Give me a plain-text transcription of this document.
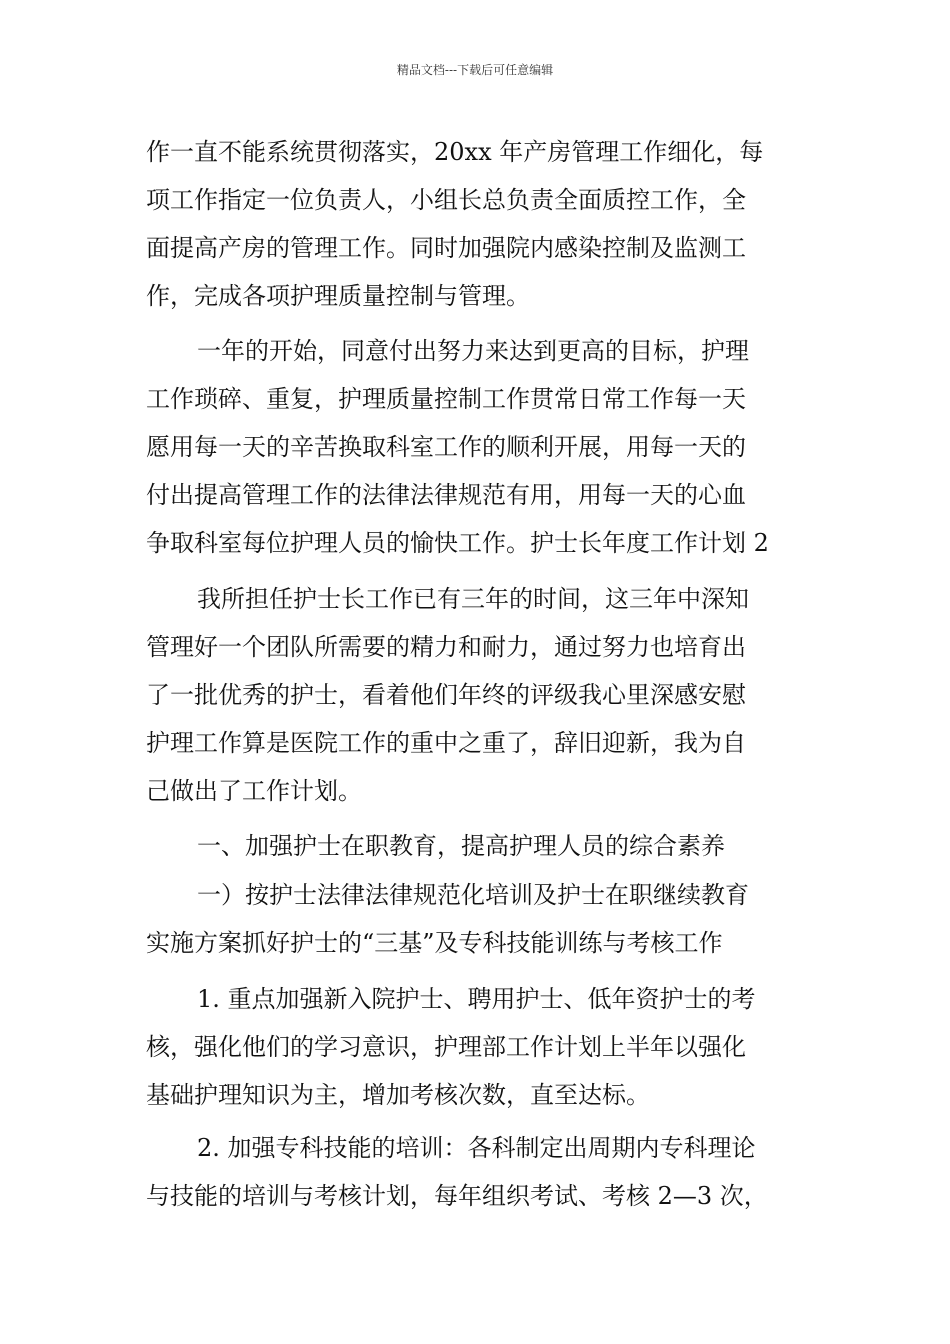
精品文档---下载后可任意编辑
作一直不能系统贯彻落实，20xx 年产房管理工作细化，每
项工作指定一位负责人，小组长总负责全面质控工作，全
面提高产房的管理工作。同时加强院内感染控制及监测工
作，完成各项护理质量控制与管理。
一年的开始，同意付出努力来达到更高的目标，护理
工作琐碎、重复，护理质量控制工作贯常日常工作每一天
愿用每一天的辛苦换取科室工作的顺利开展，用每一天的
付出提高管理工作的法律法律规范有用，用每一天的心血
争取科室每位护理人员的愉快工作。护士长年度工作计划 2
我所担任护士长工作已有三年的时间，这三年中深知
管理好一个团队所需要的精力和耐力，通过努力也培育出
了一批优秀的护士，看着他们年终的评级我心里深感安慰
护理工作算是医院工作的重中之重了，辞旧迎新，我为自
己做出了工作计划。
一、加强护士在职教育，提高护理人员的综合素养
一）按护士法律法律规范化培训及护士在职继续教育
实施方案抓好护士的“三基”及专科技能训练与考核工作
1. 重点加强新入院护士、聘用护士、低年资护士的考
核，强化他们的学习意识，护理部工作计划上半年以强化
基础护理知识为主，增加考核次数，直至达标。
2. 加强专科技能的培训：各科制定出周期内专科理论
与技能的培训与考核计划，每年组织考试、考核 2—3 次，
